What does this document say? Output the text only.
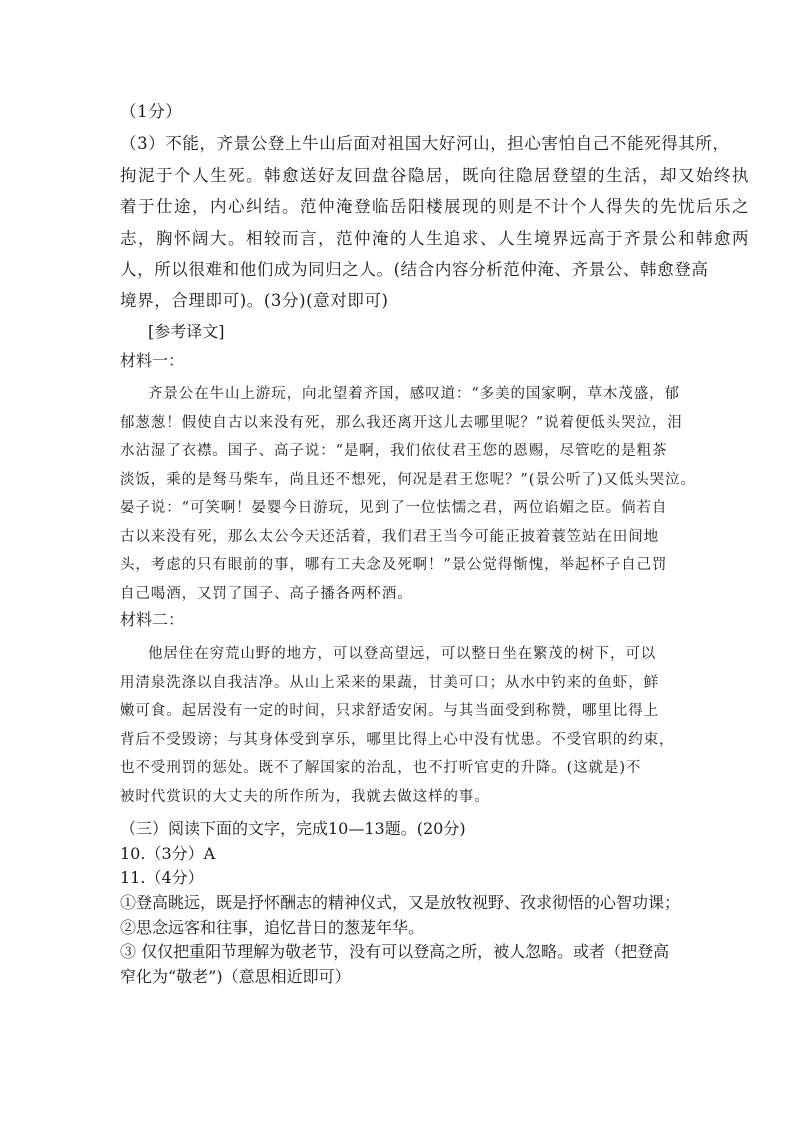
（1分）
（3）不能，齐景公登上牛山后面对祖国大好河山，担心害怕自己不能死得其所，
拘泥于个人生死。韩愈送好友回盘谷隐居，既向往隐居登望的生活，却又始终执
着于仕途，内心纠结。范仲淹登临岳阳楼展现的则是不计个人得失的先忧后乐之
志，胸怀阔大。相较而言，范仲淹的人生追求、人生境界远高于齐景公和韩愈两
人，所以很难和他们成为同归之人。(结合内容分析范仲淹、齐景公、韩愈登高
境界，合理即可)。(3分)(意对即可)
[参考译文]
材料一：
齐景公在牛山上游玩，向北望着齐国，感叹道：“多美的国家啊，草木茂盛，郁
郁葱葱！假使自古以来没有死，那么我还离开这儿去哪里呢？”说着便低头哭泣，泪
水沾湿了衣襟。国子、高子说：“是啊，我们依仗君王您的恩赐，尽管吃的是粗茶
淡饭，乘的是驽马柴车，尚且还不想死，何况是君王您呢？”(景公听了)又低头哭泣。
晏子说：“可笑啊！晏婴今日游玩，见到了一位怯懦之君，两位谄媚之臣。倘若自
古以来没有死，那么太公今天还活着，我们君王当今可能正披着蓑笠站在田间地
头，考虑的只有眼前的事，哪有工夫念及死啊！”景公觉得惭愧，举起杯子自己罚
自己喝酒，又罚了国子、高子播各两杯酒。
材料二：
他居住在穷荒山野的地方，可以登高望远，可以整日坐在繁茂的树下，可以
用清泉洗涤以自我洁净。从山上采来的果蔬，甘美可口；从水中钓来的鱼虾，鲜
嫩可食。起居没有一定的时间，只求舒适安闲。与其当面受到称赞，哪里比得上
背后不受毁谤；与其身体受到享乐，哪里比得上心中没有忧患。不受官职的约束，
也不受刑罚的惩处。既不了解国家的治乱，也不打听官吏的升降。(这就是)不
被时代赏识的大丈夫的所作所为，我就去做这样的事。
（三）阅读下面的文字，完成10—13题。(20分)
10.（3分）A
11.（4分）
①登高眺远，既是抒怀酬志的精神仪式，又是放牧视野、孜求彻悟的心智功课；
②思念远客和往事，追忆昔日的葱茏年华。
③ 仅仅把重阳节理解为敬老节，没有可以登高之所，被人忽略。或者（把登高
窄化为“敬老”)（意思相近即可）
